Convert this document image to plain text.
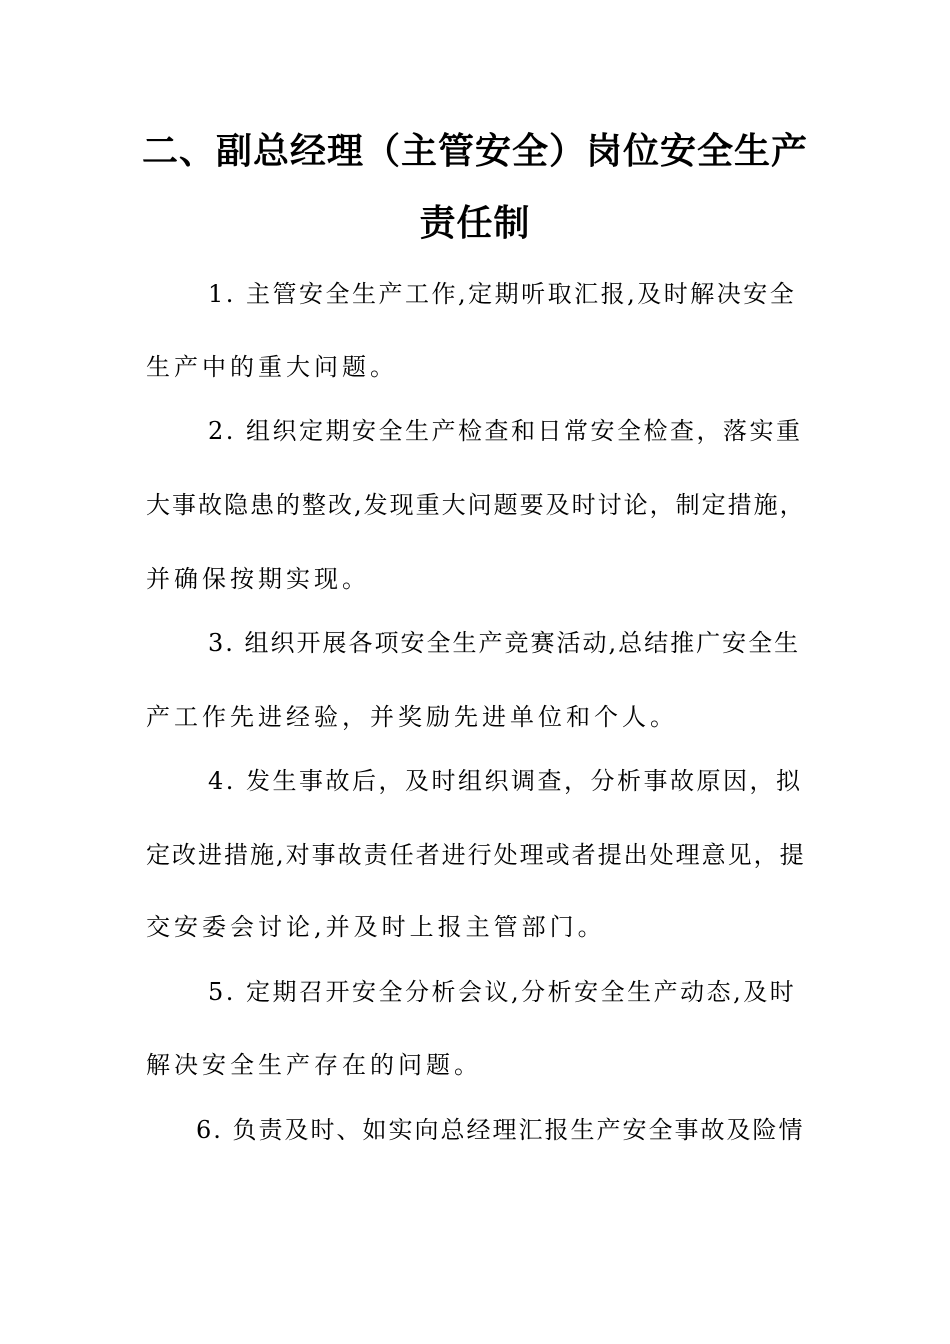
二、副总经理（主管安全）岗位安全生产
责任制
1. 主管安全生产工作,定期听取汇报,及时解决安全
生产中的重大问题。
2. 组织定期安全生产检查和日常安全检查，落实重
大事故隐患的整改,发现重大问题要及时讨论，制定措施，
并确保按期实现。
3. 组织开展各项安全生产竞赛活动,总结推广安全生
产工作先进经验，并奖励先进单位和个人。
4. 发生事故后，及时组织调查，分析事故原因，拟
定改进措施,对事故责任者进行处理或者提出处理意见，提
交安委会讨论,并及时上报主管部门。
5. 定期召开安全分析会议,分析安全生产动态,及时
解决安全生产存在的问题。
6. 负责及时、如实向总经理汇报生产安全事故及险情
